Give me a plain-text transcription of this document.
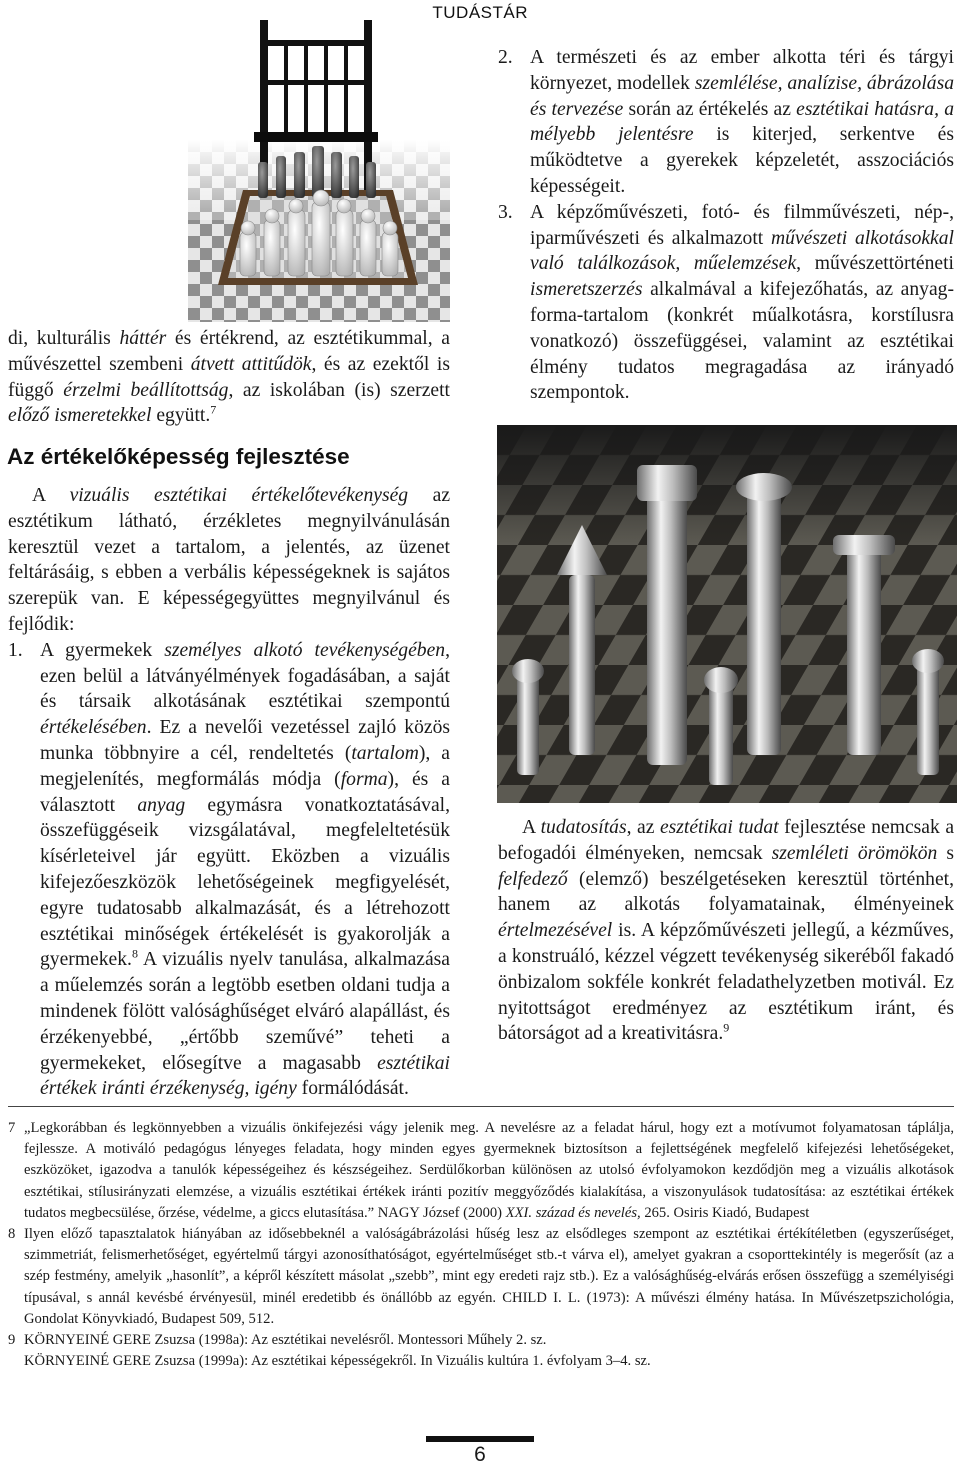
TUDÁSTÁR
di, kulturális háttér és értékrend, az esztétikummal, a művészettel szembeni átvett attitűdök, és az ezektől is függő érzelmi beállítottság, az iskolában (is) szerzett előző ismeretekkel együtt.$^7$
Az értékelőképesség fejlesztése

A vizuális esztétikai értékelőtevékenység az esztétikum látható, érzékletes megnyilvánulásán keresztül vezet a tartalom, a jelentés, az üzenet feltárásáig, s ebben a verbális képességeknek is sajátos szerepük van. E képességegyüttes megnyilvánul és fejlődik:

1. A gyermekek személyes alkotó tevékenységében, ezen belül a látványélmények fogadásában, a saját és társaik alkotásának esztétikai szempontú értékelésében. Ez a nevelői vezetéssel zajló közös munka többnyire a cél, rendeltetés (tartalom), a megjelenítés, megformálás módja (forma), és a választott anyag egymásra vonatkoztatásával, összefüggéseik vizsgálatával, megfeleltetésük kísérleteivel jár együtt. Eközben a vizuális kifejezőeszközök lehetőségeinek megfigyelését, egyre tudatosabb alkalmazását, és a létrehozott esztétikai minőségek értékelését is gyakorolják a gyermekek.$^8$ A vizuális nyelv tanulása, alkalmazása a műelemzés során a legtöbb esetben oldani tudja a mindenek fölött valósághűséget elváró alapállást, és érzékenyebbé, „értőbb szeművé” teheti a gyermekeket, elősegítve a magasabb esztétikai értékek iránti érzékenység, igény formálódását.

2. A természeti és az ember alkotta téri és tárgyi környezet, modellek szemlélése, analízise, ábrázolása és tervezése során az értékelés az esztétikai hatásra, a mélyebb jelentésre is kiterjed, serkentve és működtetve a gyerekek képzeletét, asszociációs képességeit.

3. A képzőművészeti, fotó- és filmművészeti, nép-, iparművészeti és alkalmazott művészeti alkotásokkal való találkozások, műelemzések, művészettörténeti ismeretszerzés alkalmával a kifejezőhatás, az anyag-forma-tartalom (konkrét műalkotásra, korstílusra vonatkozó) összefüggései, valamint az esztétikai élmény tudatos megragadása az irányadó szempontok.

A tudatosítás, az esztétikai tudat fejlesztése nemcsak a befogadói élményeken, nemcsak szemléleti örömökön s felfedező (elemző) beszélgetéseken keresztül történhet, hanem az alkotás folyamatainak, élményeinek értelmezésével is. A képzőművészeti jellegű, a kézműves, a konstruáló, kézzel végzett tevékenység sikeréből fakadó önbizalom sokféle konkrét feladathelyzetben motivál. Ez nyitottságot eredményez az esztétikum iránt, és bátorságot ad a kreativitásra.$^9$

7 „Legkorábban és legkönnyebben a vizuális önkifejezési vágy jelenik meg. A nevelésre az a feladat hárul, hogy ezt a motívumot folyamatosan táplálja, fejlessze. A motiváló pedagógus lényeges feladata, hogy minden egyes gyermeknek biztosítson a fejlettségének megfelelő kifejezési lehetőségeket, eszközöket, igazodva a tanulók képességeihez és készségeihez. Serdülőkorban különösen az utolsó évfolyamokon kezdődjön meg a vizuális alkotások esztétikai, stílusirányzati elemzése, a vizuális esztétikai értékek iránti pozitív meggyőződés kialakítása, a viszonyulások tudatosítása: az esztétikai értékek tudatos megbecsülése, őrzése, védelme, a giccs elutasítása.” NAGY József (2000) XXI. század és nevelés, 265. Osiris Kiadó, Budapest
8 Ilyen előző tapasztalatok hiányában az idősebbeknél a valóságábrázolási hűség lesz az elsődleges szempont az esztétikai értékítéletben (egyszerűséget, szimmetriát, felismerhetőséget, egyértelmű tárgyi azonosíthatóságot, egyértelműséget stb.-t várva el), amelyet gyakran a csoporttekintély is megerősít (az a szép festmény, amelyik „hasonlít”, a képről készített másolat „szebb”, mint egy eredeti rajz stb.). Ez a valósághűség-elvárás erősen összefügg a személyiségi típusával, s annál kevésbé érvényesül, minél eredetibb és önállóbb az egyén. CHILD I. L. (1973): A művészi élmény hatása. In Művészetpszichológia, Gondolat Könyvkiadó, Budapest 509, 512.
9 KÖRNYEINÉ GERE Zsuzsa (1998a): Az esztétikai nevelésről. Montessori Műhely 2. sz.
KÖRNYEINÉ GERE Zsuzsa (1999a): Az esztétikai képességekről. In Vizuális kultúra 1. évfolyam 3–4. sz.
6
